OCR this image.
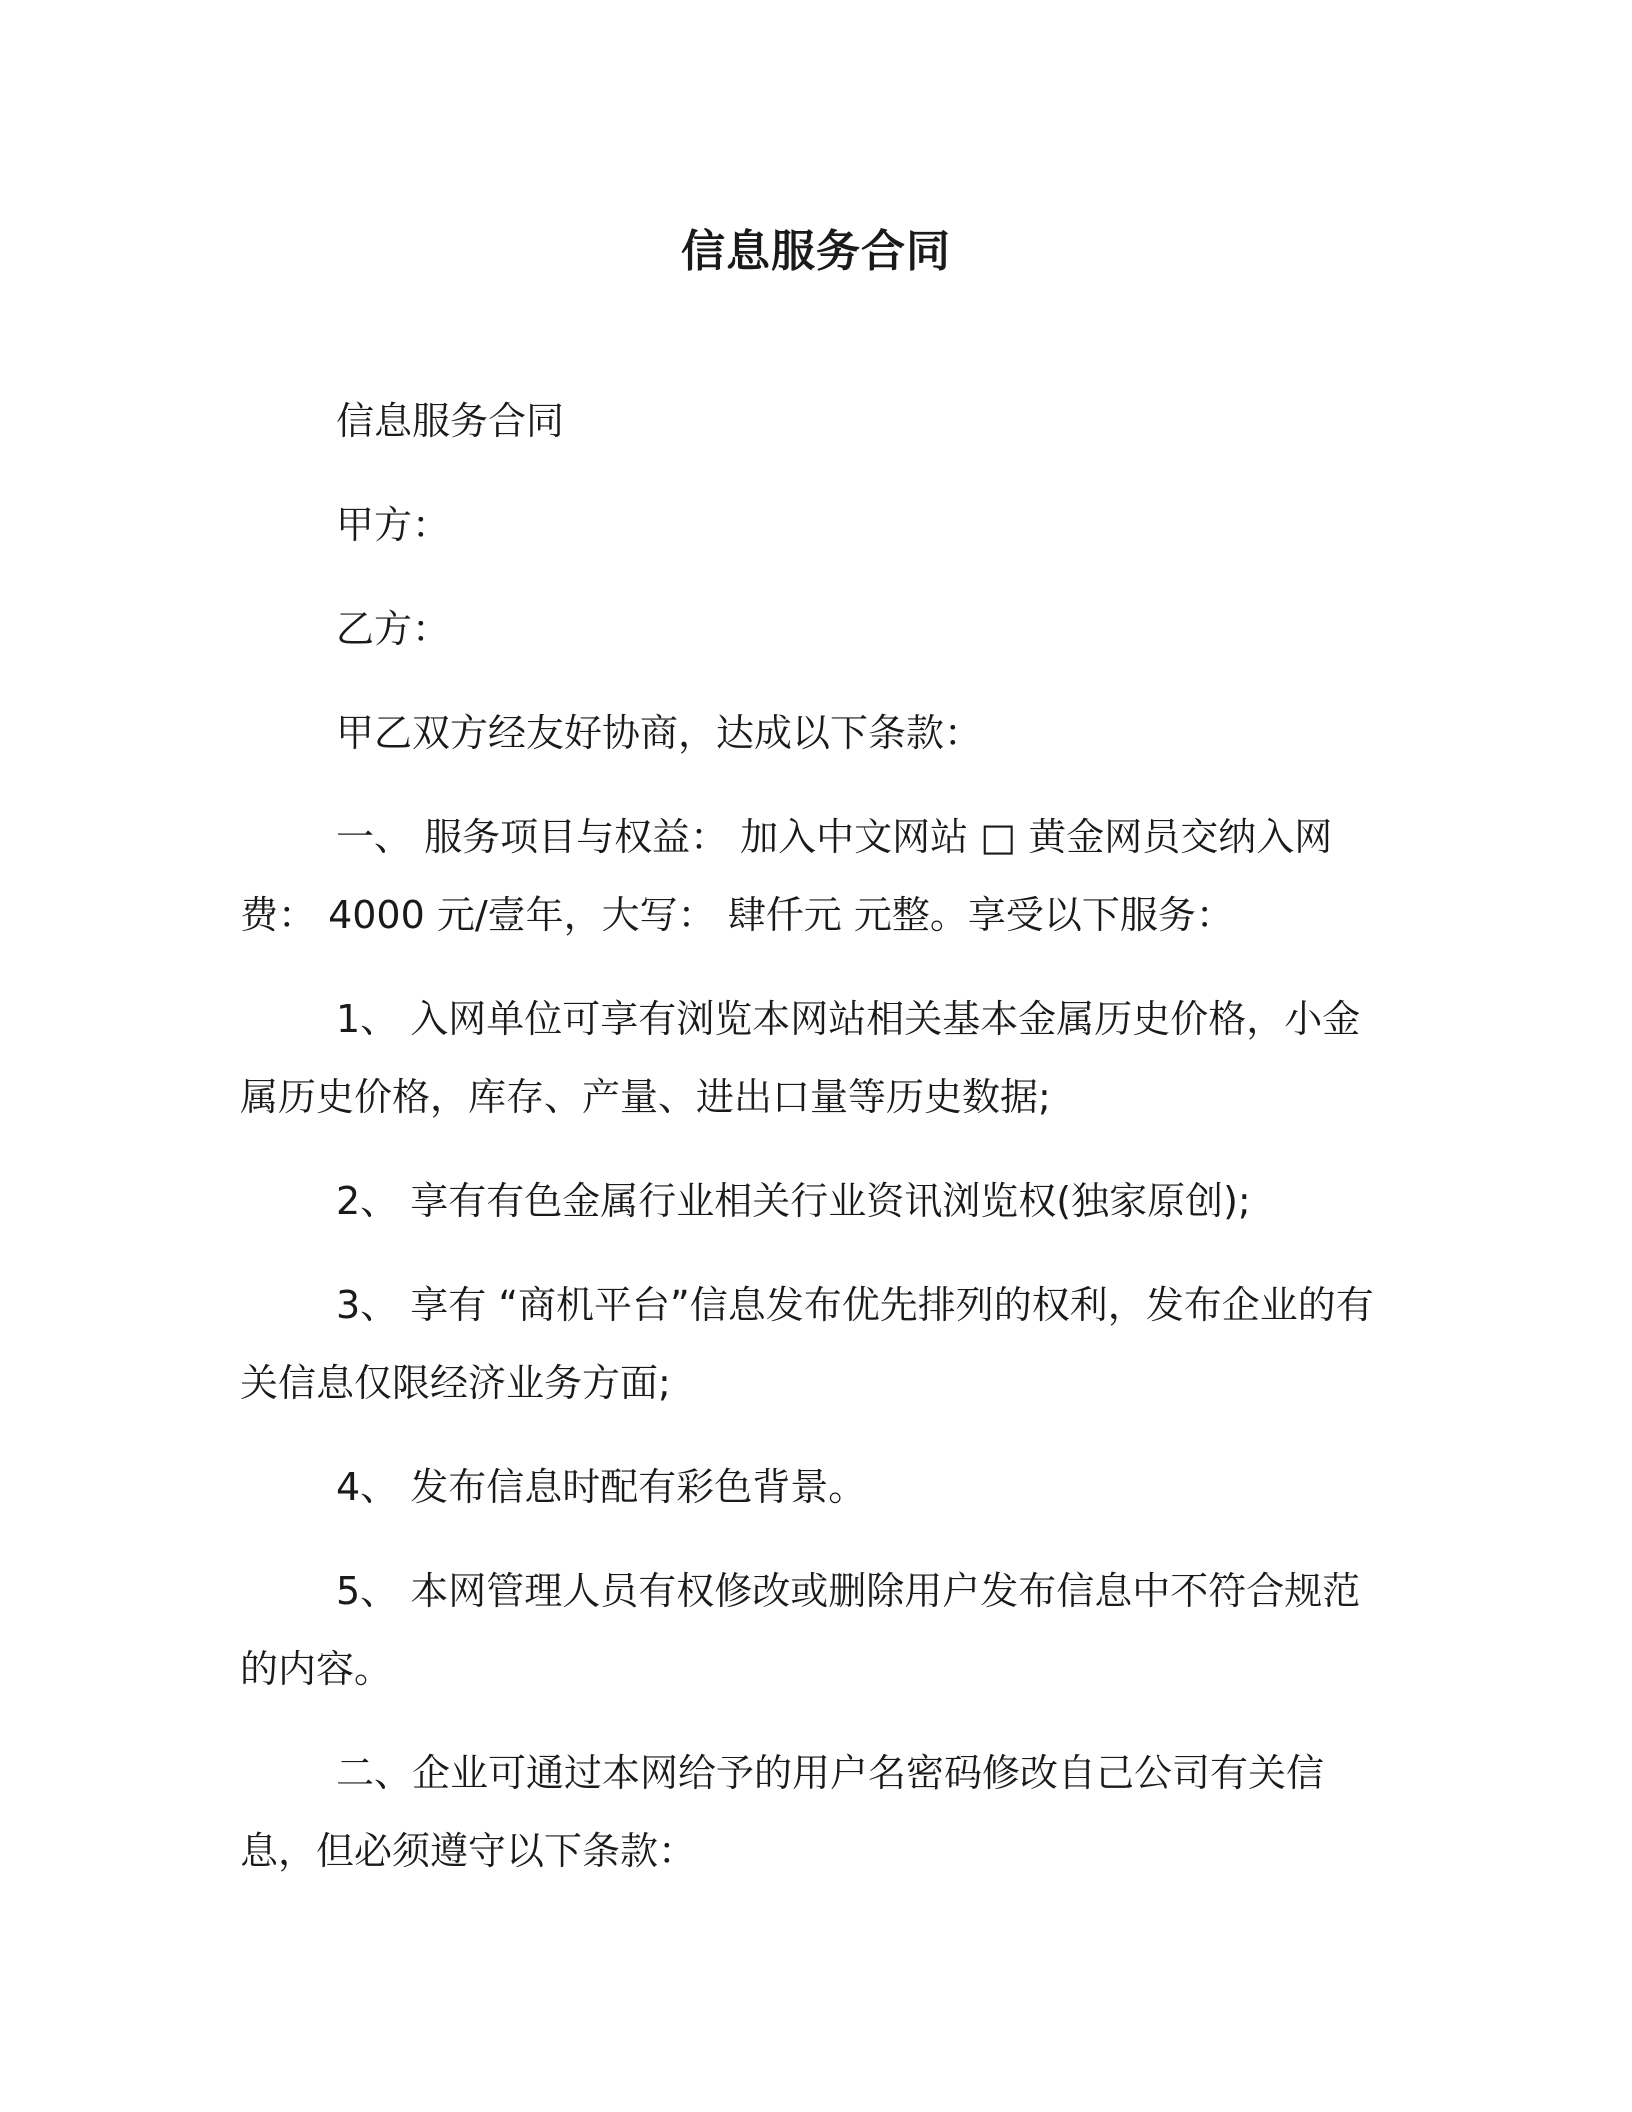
信息服务合同

信息服务合同

甲方：

乙方：

甲乙双方经友好协商，达成以下条款：

一、 服务项目与权益： 加入中文网站 □ 黄金网员交纳入网费： 4000 元/壹年，大写： 肆仟元 元整。享受以下服务：

1、 入网单位可享有浏览本网站相关基本金属历史价格，小金属历史价格，库存、产量、进出口量等历史数据;

2、 享有有色金属行业相关行业资讯浏览权(独家原创);

3、 享有 “商机平台”信息发布优先排列的权利，发布企业的有关信息仅限经济业务方面;

4、 发布信息时配有彩色背景。

5、 本网管理人员有权修改或删除用户发布信息中不符合规范的内容。

二、企业可通过本网给予的用户名密码修改自己公司有关信息，但必须遵守以下条款：
